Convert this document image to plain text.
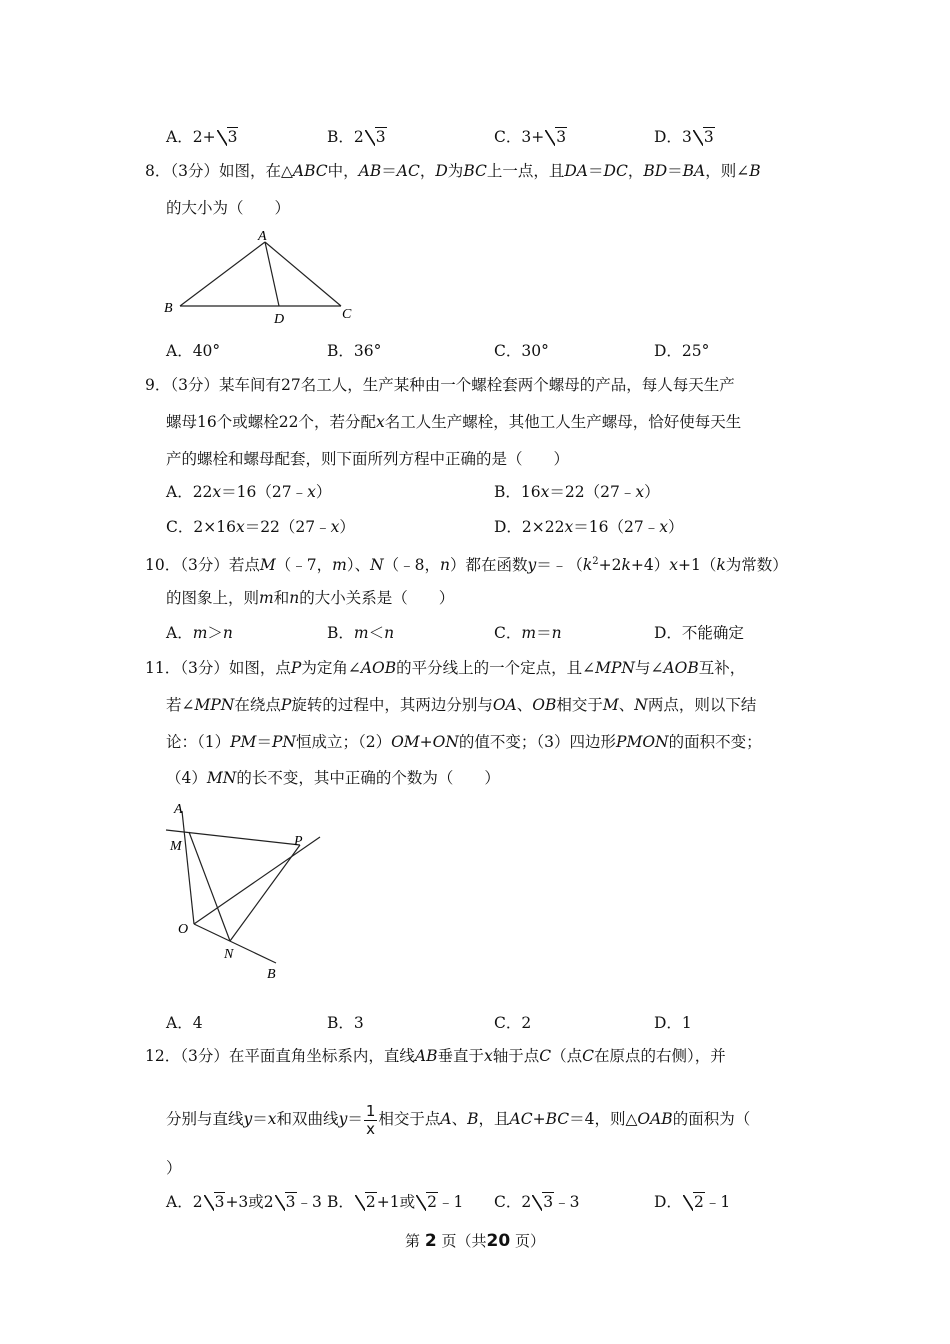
A．2+ 3	B．2 3	C．3+ 3	D．3 3
8．（3分）如图，在△ABC中，AB＝AC，D为BC上一点，且DA＝DC，BD＝BA，则∠B
的大小为（　　）
A
B	C
D
A．40°	B．36°	C．30°	D．25°
9．（3分）某车间有27名工人，生产某种由一个螺栓套两个螺母的产品，每人每天生产
螺母16个或螺栓22个，若分配x名工人生产螺栓，其他工人生产螺母，恰好使每天生
产的螺栓和螺母配套，则下面所列方程中正确的是（　　）
A．22x＝16（27﹣x）	B．16x＝22（27﹣x）
C．2×16x＝22（27﹣x）	D．2×22x＝16（27﹣x）
10．（3分）若点M（﹣7，m）、N（﹣8，n）都在函数$y=﹣(k^2+2k+4)x+1(k$为常数）
的图象上，则m和n的大小关系是（　　）
A．m＞n	B．m＜n	C．m＝n	D．不能确定
11．（3分）如图，点P为定角∠AOB的平分线上的一个定点，且∠MPN与∠AOB互补，
若∠MPN在绕点P旋转的过程中，其两边分别与OA、OB相交于M、N两点，则以下结
论：（1）PM＝PN恒成立；（2）OM+ON的值不变；（3）四边形PMON的面积不变；
（4）MN的长不变，其中正确的个数为（　　）
A
M	P
O
N
B
A．4	B．3	C．2	D．1
12．（3分）在平面直角坐标系内，直线AB垂直于x轴于点C（点C在原点的右侧），并
分别与直线y＝x和双曲线$y= \frac{1}{x}$ 相交于点A、B，且AC+BC＝4，则△OAB的面积为（
）
A．2 3+3或2 3﹣3 B． 2+1或 2﹣1 C．2 3﹣3	D． 2﹣1
第 2 页（共20 页）
